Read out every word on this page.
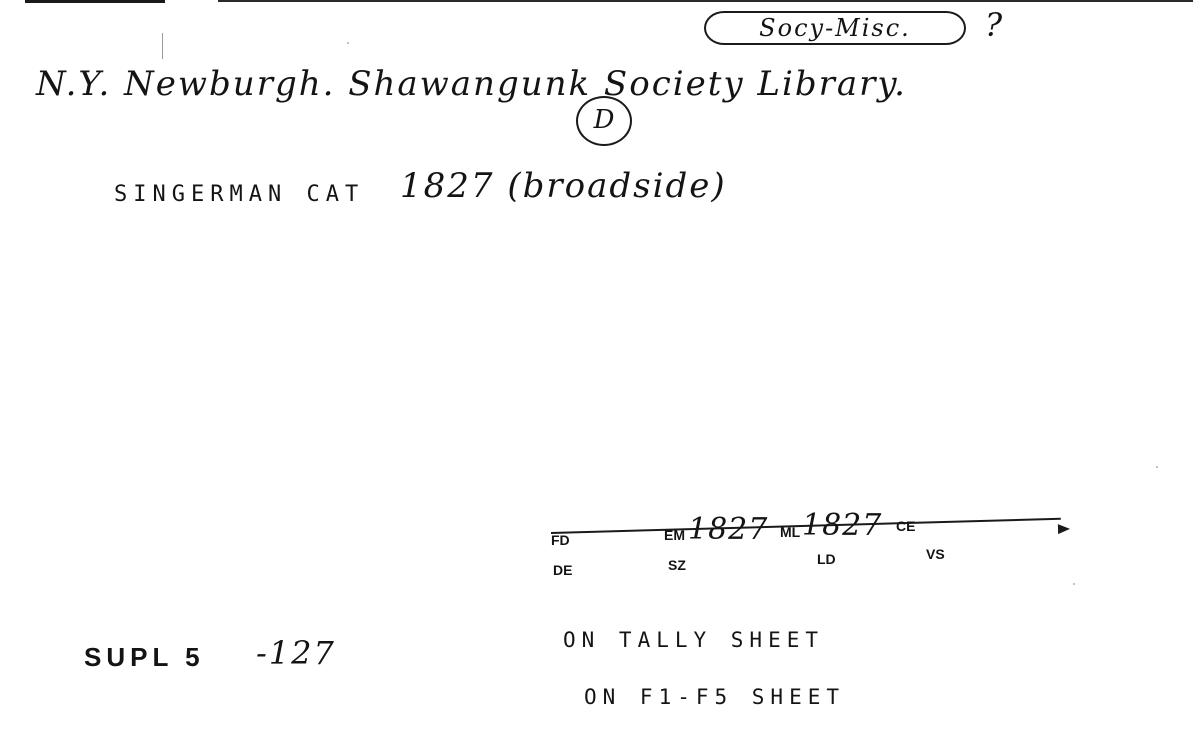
Socy-Misc.	?
N.Y. Newburgh. Shawangunk Society Library.
D
SINGERMAN CAT 1827 (broadside)
FD	EM 1827 ML 1827 CE
DE	SZ	LD	VS
SUPL 5 -127	ON TALLY SHEET
ON F1-F5 SHEET
